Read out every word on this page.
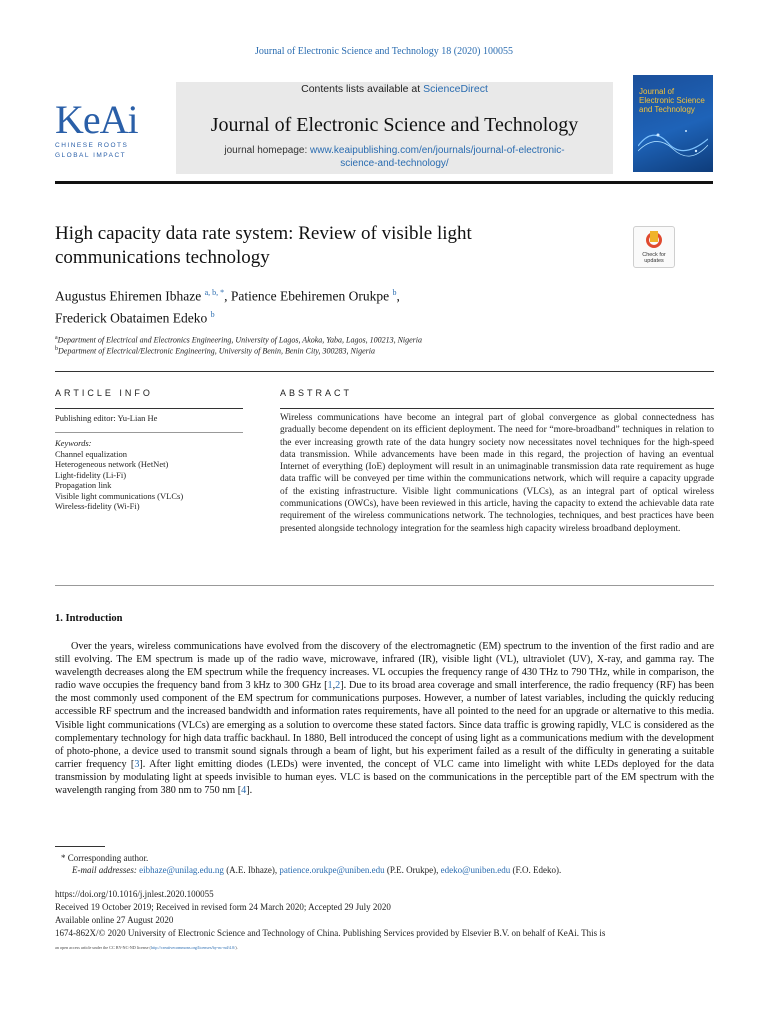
Journal of Electronic Science and Technology 18 (2020) 100055
KeAi
CHINESE ROOTS
GLOBAL IMPACT
Contents lists available at ScienceDirect
Journal of Electronic Science and Technology
journal homepage: www.keaipublishing.com/en/journals/journal-of-electronic-
science-and-technology/
Journal of Electronic Science and Technology
High capacity data rate system: Review of visible light
communications technology	Check for
updates
Augustus Ehiremen Ibhaze $^{a, b, *}$, Patience Ebehiremen Orukpe $^b$,
Frederick Obataimen Edeko $^b$
$^a$Department of Electrical and Electronics Engineering, University of Lagos, Akoka, Yaba, Lagos, 100213, Nigeria
$^b$Department of Electrical/Electronic Engineering, University of Benin, Benin City, 300283, Nigeria
ARTICLE INFO	ABSTRACT
Publishing editor: Yu-Lian He
Keywords:
Channel equalization
Heterogeneous network (HetNet)
Light-fidelity (Li-Fi)
Propagation link
Visible light communications (VLCs)
Wireless-fidelity (Wi-Fi)
Wireless communications have become an integral part of global convergence as global connectedness has gradually become dependent on its efficient deployment. The need for “more-broadband” techniques in relation to the ever increasing growth rate of the data hungry society now necessitates novel techniques for the high-speed data transmission. While advancements have been made in this regard, the projection of having an eventual Internet of everything (IoE) deployment will result in an unimaginable transmission data rate requirement as huge data traffic will be conveyed per time within the communications network, which will require a capacity upgrade of the existing infrastructure. Visible light communications (VLCs), as an integral part of optical wireless communications (OWCs), have been reviewed in this article, having the capacity to extend the achievable data rate requirement of the wireless communications network. The technologies, techniques, and best practices have been presented alongside technology integration for the seamless high capacity wireless broadband deployment.
1. Introduction
Over the years, wireless communications have evolved from the discovery of the electromagnetic (EM) spectrum to the invention of the first radio and are still evolving. The EM spectrum is made up of the radio wave, microwave, infrared (IR), visible light (VL), ultraviolet (UV), X-ray, and gamma ray. The wavelength decreases along the EM spectrum while the frequency increases. VL occupies the frequency range of 430 THz to 790 THz, while in comparison, the radio wave occupies the frequency band from 3 kHz to 300 GHz [1,2]. Due to its broad area coverage and small interference, the radio frequency (RF) has been the most commonly used component of the EM spectrum for communications purposes. However, a number of latest variables, including the quickly reducing accessible RF spectrum and the increased bandwidth and information rates requirements, have all pointed to the need for an upgrade or alternative to this media. Visible light communications (VLCs) are emerging as a solution to overcome these stated factors. Since data traffic is growing rapidly, VLC is considered as the complementary technology for high data traffic backhaul. In 1880, Bell introduced the concept of using light as a communications medium with the development of photo-phone, a device used to transmit sound signals through a beam of light, but his experiment failed as a result of the difficulty in generating a suitable carrier frequency [3]. After light emitting diodes (LEDs) were invented, the concept of VLC came into limelight with white LEDs deployed for the data transmission by modulating light at speeds invisible to human eyes. VLC is based on the communications in the perceptible part of the EM spectrum with the wavelength ranging from 380 nm to 750 nm [4].
* Corresponding author.
E-mail addresses: eibhaze@unilag.edu.ng (A.E. Ibhaze), patience.orukpe@uniben.edu (P.E. Orukpe), edeko@uniben.edu (F.O. Edeko).
https://doi.org/10.1016/j.jnlest.2020.100055
Received 19 October 2019; Received in revised form 24 March 2020; Accepted 29 July 2020
Available online 27 August 2020
1674-862X/© 2020 University of Electronic Science and Technology of China. Publishing Services provided by Elsevier B.V. on behalf of KeAi. This is
an open access article under the CC BY-NC-ND license (http://creativecommons.org/licenses/by-nc-nd/4.0/).
